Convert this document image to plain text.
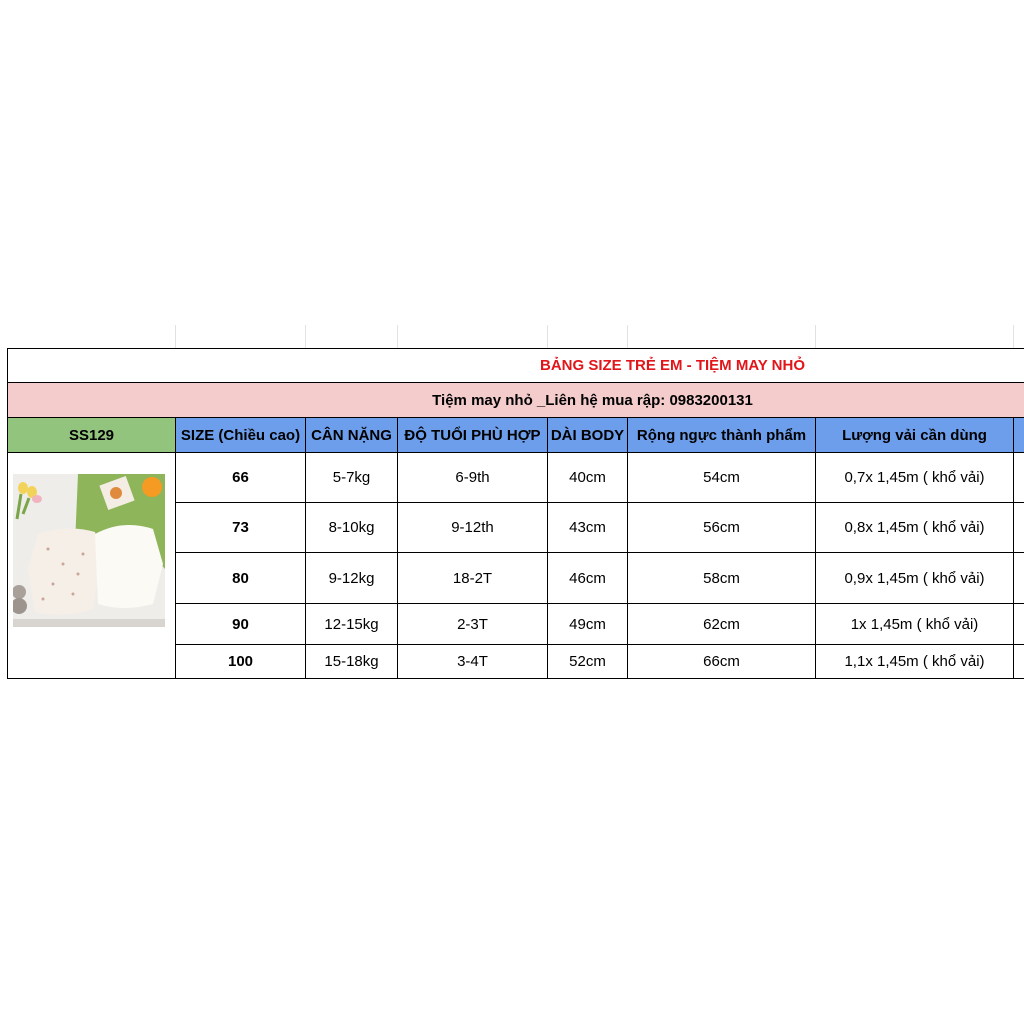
BẢNG SIZE TRẺ EM - TIỆM MAY NHỎ							
Tiệm may nhỏ _Liên hệ mua rập: 0983200131							
SS129	SIZE (Chiều cao)	CÂN NẶNG	ĐỘ TUỔI PHÙ HỢP	DÀI BODY	Rộng ngực thành phẩm	Lượng vải cần dùng	
	66	5-7kg	6-9th	40cm	54cm	0,7x 1,45m ( khổ vải)	
	73	8-10kg	9-12th	43cm	56cm	0,8x 1,45m ( khổ vải)	
	80	9-12kg	18-2T	46cm	58cm	0,9x 1,45m ( khổ vải)	
	90	12-15kg	2-3T	49cm	62cm	1x 1,45m ( khổ vải)	
	100	15-18kg	3-4T	52cm	66cm	1,1x 1,45m ( khổ vải)	
